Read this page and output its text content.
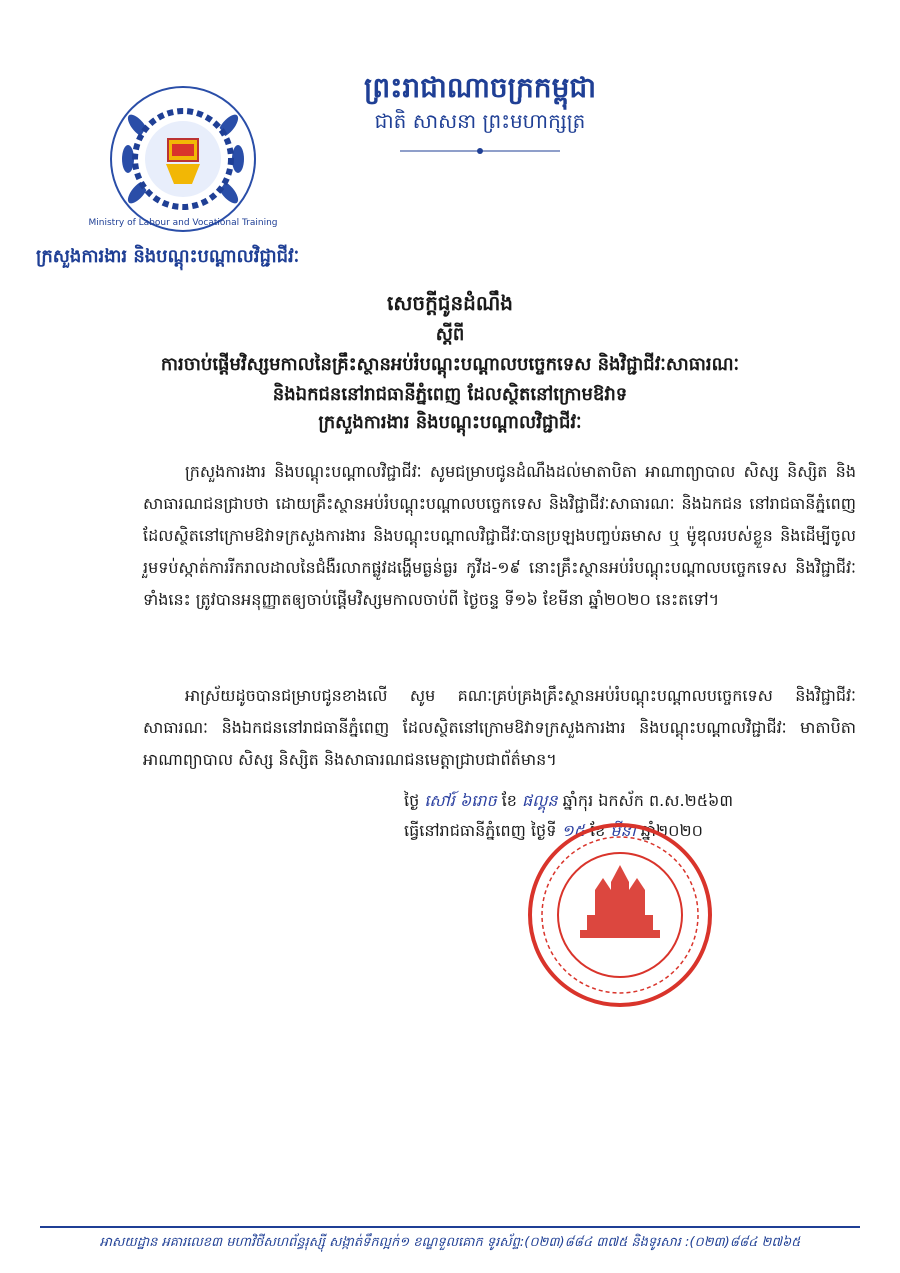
Ministry of Labour and Vocational Training
ព្រះរាជាណាចក្រកម្ពុជា
ជាតិ សាសនា ព្រះមហាក្សត្រ
ក្រសួងការងារ និងបណ្តុះបណ្តាលវិជ្ជាជីវៈ
សេចក្តីជូនដំណឹង
ស្តីពី
ការចាប់ផ្តើមវិស្សមកាលនៃគ្រឹះស្ថានអប់រំបណ្តុះបណ្តាលបច្ចេកទេស និងវិជ្ជាជីវៈសាធារណៈ
និងឯកជននៅរាជធានីភ្នំពេញ ដែលស្ថិតនៅក្រោមឱវាទ
ក្រសួងការងារ និងបណ្តុះបណ្តាលវិជ្ជាជីវៈ
ក្រសួងការងារ និងបណ្តុះបណ្តាលវិជ្ជាជីវៈ សូមជម្រាបជូនដំណឹងដល់មាតាបិតា អាណាព្យាបាល សិស្ស និស្សិត និងសាធារណជនជ្រាបថា ដោយគ្រឹះស្ថានអប់រំបណ្តុះបណ្តាលបច្ចេកទេស និងវិជ្ជាជីវៈសាធារណៈ និងឯកជន នៅរាជធានីភ្នំពេញ ដែលស្ថិតនៅក្រោមឱវាទក្រសួងការងារ និងបណ្តុះបណ្តាលវិជ្ជាជីវៈបានប្រឡងបញ្ចប់ឆមាស ឬ ម៉ូឌុលរបស់ខ្លួន និងដើម្បីចូលរួមទប់ស្កាត់ការរីករាលដាលនៃជំងឺរលាកផ្លូវដង្ហើមធ្ងន់ធ្ងរ កូវីដ-១៩ នោះគ្រឹះស្ថានអប់រំបណ្តុះបណ្តាលបច្ចេកទេស និងវិជ្ជាជីវៈទាំងនេះ ត្រូវបានអនុញ្ញាតឲ្យចាប់ផ្តើមវិស្សមកាលចាប់ពី ថ្ងៃចន្ទ ទី១៦ ខែមីនា ឆ្នាំ២០២០ នេះតទៅ។
អាស្រ័យដូចបានជម្រាបជូនខាងលើ សូម គណៈគ្រប់គ្រងគ្រឹះស្ថានអប់រំបណ្តុះបណ្តាលបច្ចេកទេស និងវិជ្ជាជីវៈសាធារណៈ និងឯកជននៅរាជធានីភ្នំពេញ ដែលស្ថិតនៅក្រោមឱវាទក្រសួងការងារ និងបណ្តុះបណ្តាលវិជ្ជាជីវៈ មាតាបិតា អាណាព្យាបាល សិស្ស និស្សិត និងសាធារណជនមេត្តាជ្រាបជាព័ត៌មាន។
ថ្ងៃ សៅរ៍ ៦រោច ខែ ផល្គុន ឆ្នាំកុរ ឯកស័ក ព.ស.២៥៦៣
ធ្វើនៅរាជធានីភ្នំពេញ ថ្ងៃទី ១៥ ខែ មីនា ឆ្នាំ២០២០
អាសយដ្ឋាន អគារលេខ៣ មហាវិថីសហព័ន្ធរុស្ស៊ី សង្កាត់ទឹកល្អក់១ ខណ្ឌទួលគោក ទូរស័ព្ទ:(០២៣)៨៨៤ ៣៧៥ និងទូរសារ :(០២៣)៨៨៤ ២៧៦៥
